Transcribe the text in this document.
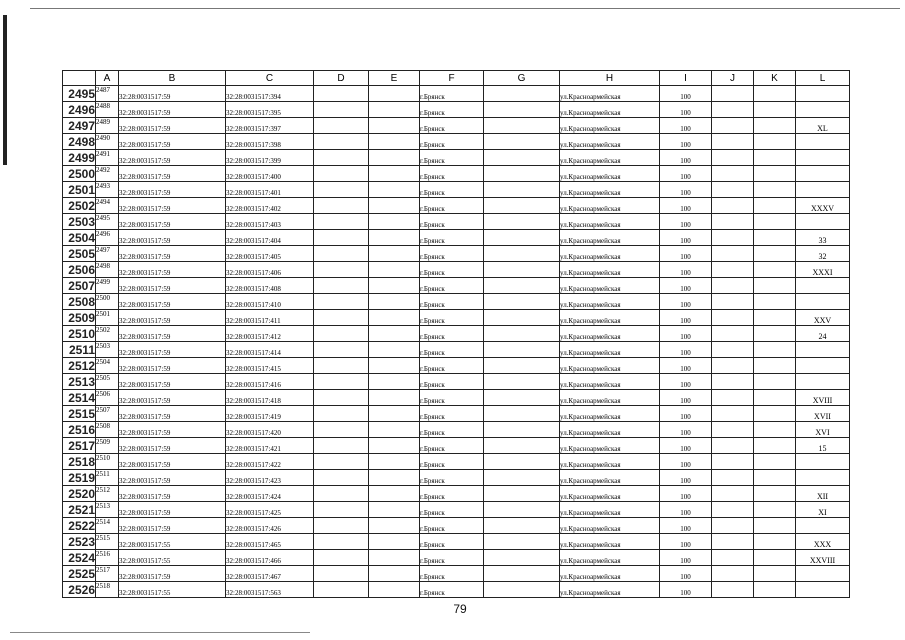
	A	B	C	D	E	F	G	H	I	J	K	L
2495	2487	32:28:0031517:59	32:28:0031517:394			г.Брянск		ул.Красноармейская	100			
2496	2488	32:28:0031517:59	32:28:0031517:395			г.Брянск		ул.Красноармейская	100			
2497	2489	32:28:0031517:59	32:28:0031517:397			г.Брянск		ул.Красноармейская	100			XL
2498	2490	32:28:0031517:59	32:28:0031517:398			г.Брянск		ул.Красноармейская	100			
2499	2491	32:28:0031517:59	32:28:0031517:399			г.Брянск		ул.Красноармейская	100			
2500	2492	32:28:0031517:59	32:28:0031517:400			г.Брянск		ул.Красноармейская	100			
2501	2493	32:28:0031517:59	32:28:0031517:401			г.Брянск		ул.Красноармейская	100			
2502	2494	32:28:0031517:59	32:28:0031517:402			г.Брянск		ул.Красноармейская	100			XXXV
2503	2495	32:28:0031517:59	32:28:0031517:403			г.Брянск		ул.Красноармейская	100			
2504	2496	32:28:0031517:59	32:28:0031517:404			г.Брянск		ул.Красноармейская	100			33
2505	2497	32:28:0031517:59	32:28:0031517:405			г.Брянск		ул.Красноармейская	100			32
2506	2498	32:28:0031517:59	32:28:0031517:406			г.Брянск		ул.Красноармейская	100			XXXI
2507	2499	32:28:0031517:59	32:28:0031517:408			г.Брянск		ул.Красноармейская	100			
2508	2500	32:28:0031517:59	32:28:0031517:410			г.Брянск		ул.Красноармейская	100			
2509	2501	32:28:0031517:59	32:28:0031517:411			г.Брянск		ул.Красноармейская	100			XXV
2510	2502	32:28:0031517:59	32:28:0031517:412			г.Брянск		ул.Красноармейская	100			24
2511	2503	32:28:0031517:59	32:28:0031517:414			г.Брянск		ул.Красноармейская	100			
2512	2504	32:28:0031517:59	32:28:0031517:415			г.Брянск		ул.Красноармейская	100			
2513	2505	32:28:0031517:59	32:28:0031517:416			г.Брянск		ул.Красноармейская	100			
2514	2506	32:28:0031517:59	32:28:0031517:418			г.Брянск		ул.Красноармейская	100			XVIII
2515	2507	32:28:0031517:59	32:28:0031517:419			г.Брянск		ул.Красноармейская	100			XVII
2516	2508	32:28:0031517:59	32:28:0031517:420			г.Брянск		ул.Красноармейская	100			XVI
2517	2509	32:28:0031517:59	32:28:0031517:421			г.Брянск		ул.Красноармейская	100			15
2518	2510	32:28:0031517:59	32:28:0031517:422			г.Брянск		ул.Красноармейская	100			
2519	2511	32:28:0031517:59	32:28:0031517:423			г.Брянск		ул.Красноармейская	100			
2520	2512	32:28:0031517:59	32:28:0031517:424			г.Брянск		ул.Красноармейская	100			XII
2521	2513	32:28:0031517:59	32:28:0031517:425			г.Брянск		ул.Красноармейская	100			XI
2522	2514	32:28:0031517:59	32:28:0031517:426			г.Брянск		ул.Красноармейская	100			
2523	2515	32:28:0031517:55	32:28:0031517:465			г.Брянск		ул.Красноармейская	100			XXX
2524	2516	32:28:0031517:55	32:28:0031517:466			г.Брянск		ул.Красноармейская	100			XXVIII
2525	2517	32:28:0031517:59	32:28:0031517:467			г.Брянск		ул.Красноармейская	100			
2526	2518	32:28:0031517:55	32:28:0031517:563			г.Брянск		ул.Красноармейская	100			
79
